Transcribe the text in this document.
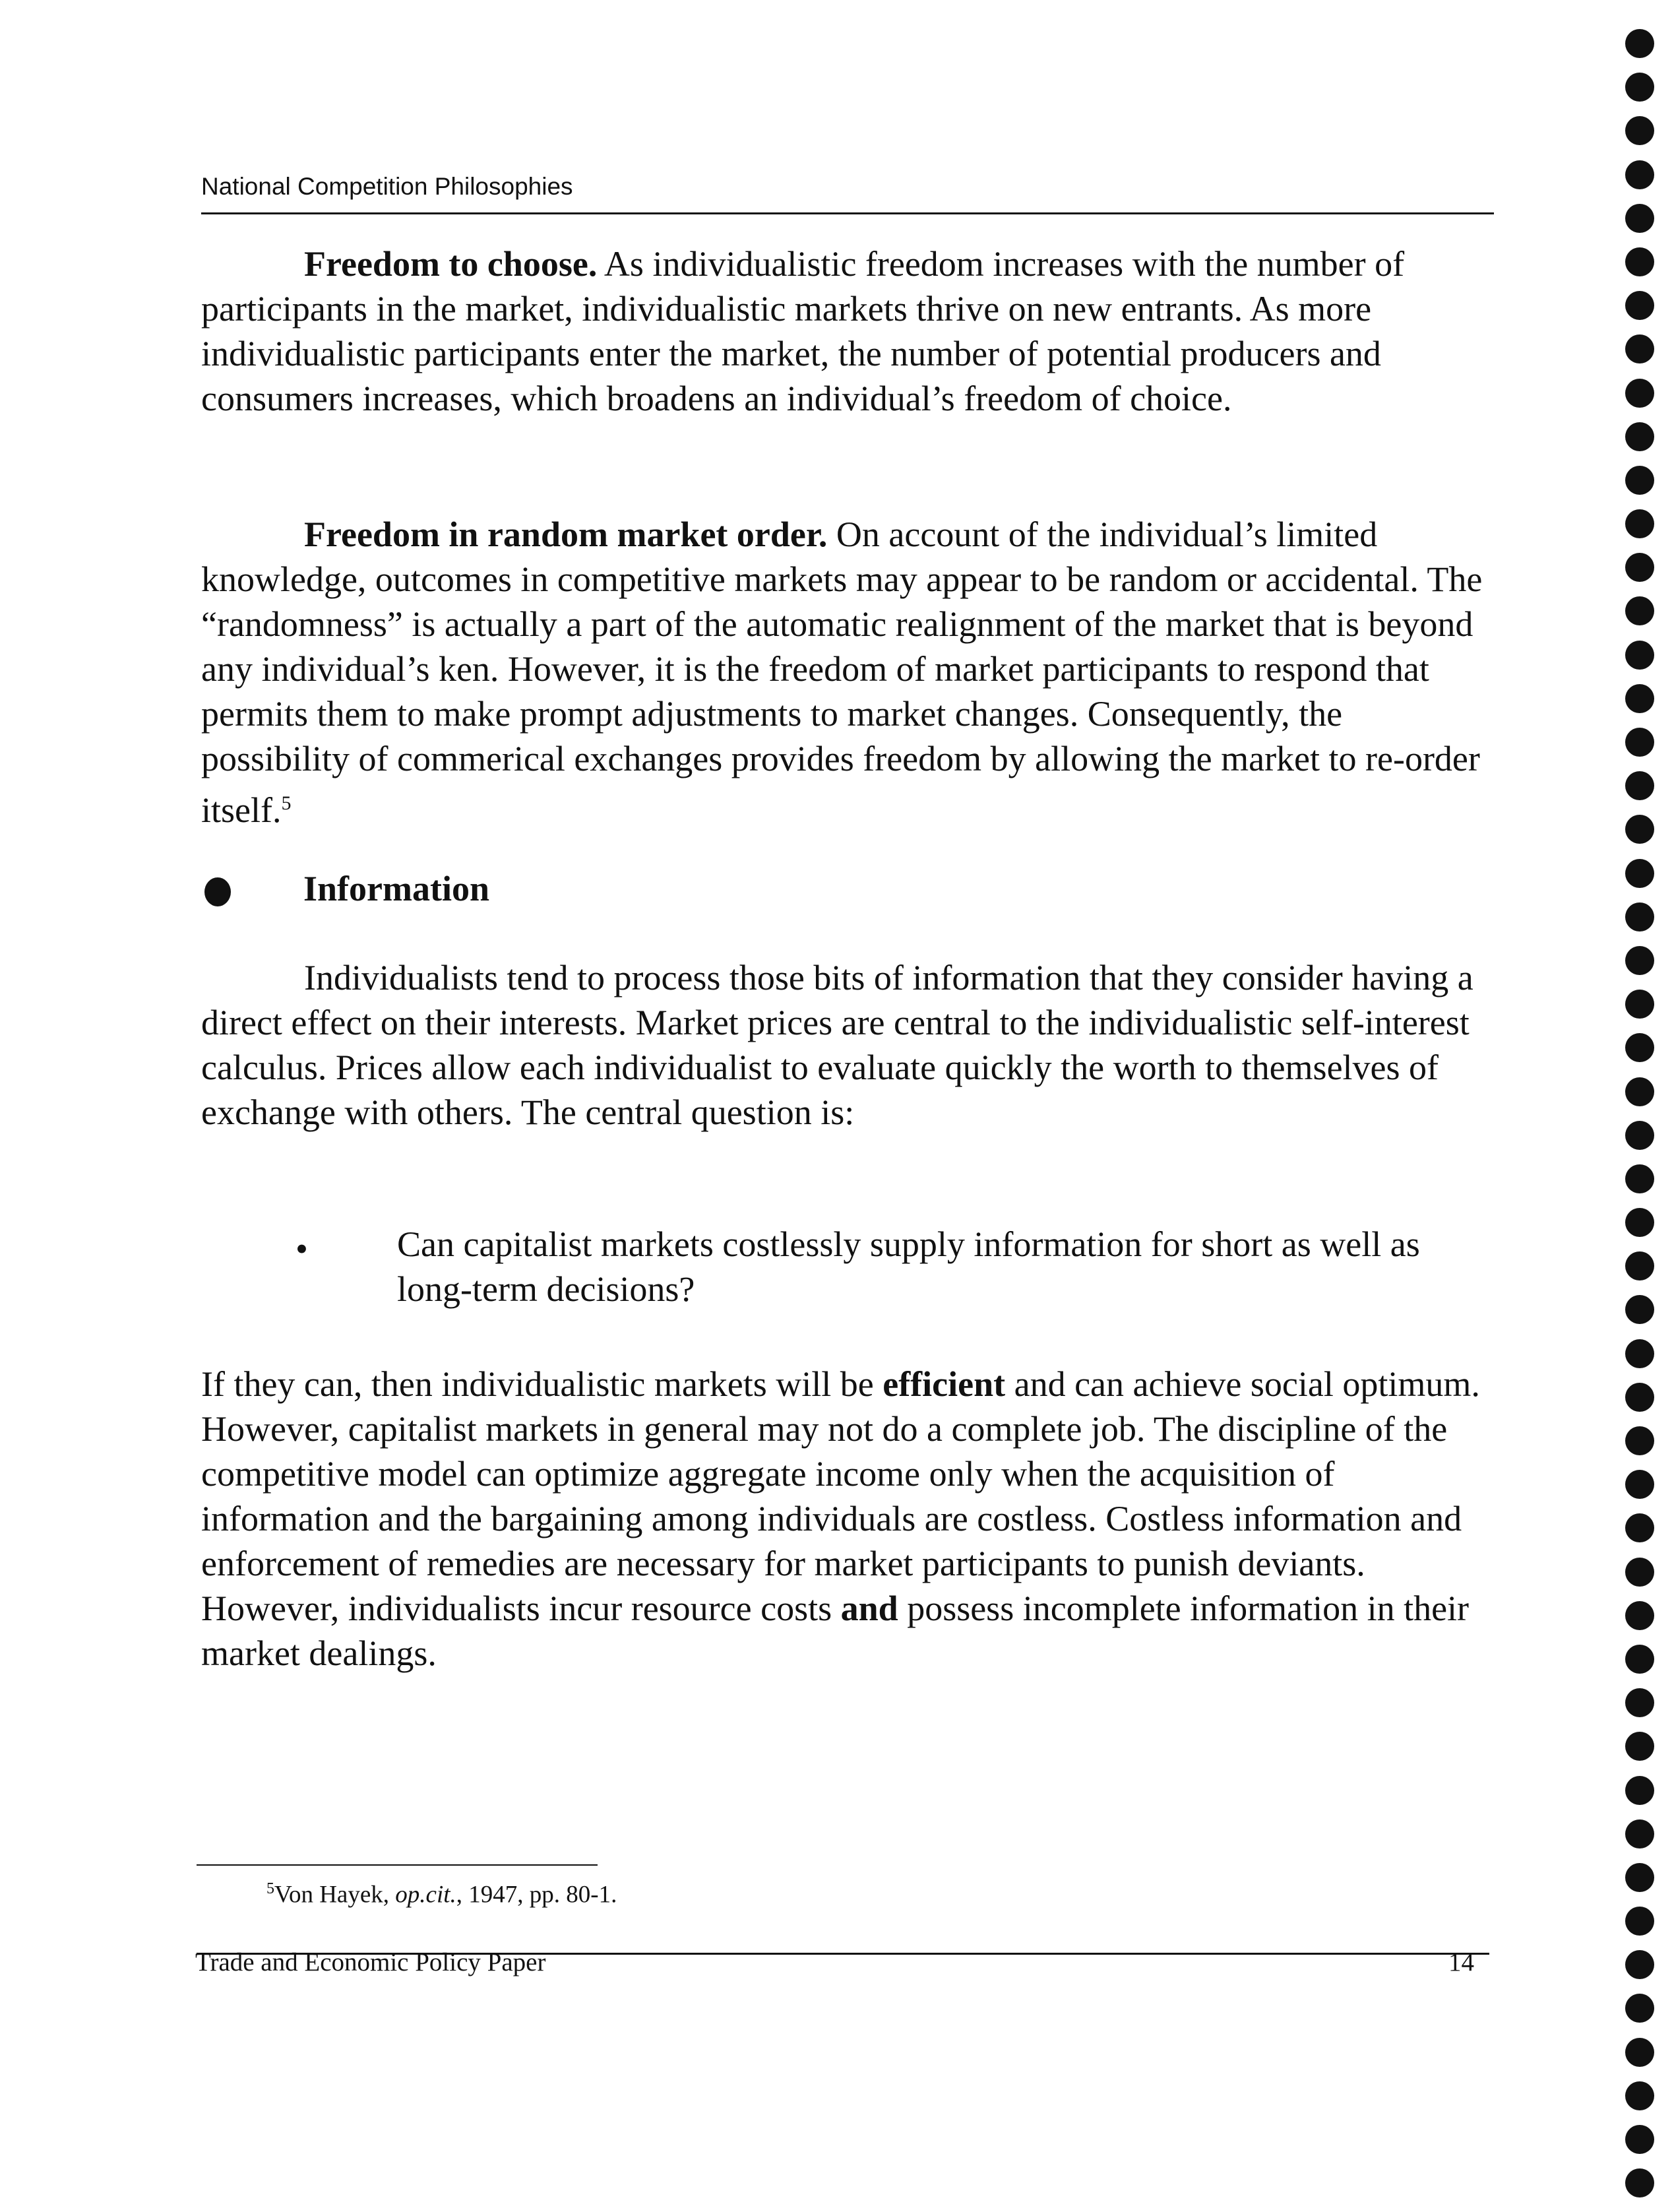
National Competition Philosophies
Freedom to choose. As individualistic freedom increases with the number of participants in the market, individualistic markets thrive on new entrants. As more individualistic participants enter the market, the number of potential producers and consumers increases, which broadens an individual’s freedom of choice.
Freedom in random market order. On account of the individual’s limited knowledge, outcomes in competitive markets may appear to be random or accidental. The “randomness” is actually a part of the automatic realignment of the market that is beyond any individual’s ken. However, it is the freedom of market participants to respond that permits them to make prompt adjustments to market changes. Consequently, the possibility of commerical exchanges provides freedom by allowing the market to re-order itself.$^5$
Information
Individualists tend to process those bits of information that they consider having a direct effect on their interests. Market prices are central to the individualistic self-interest calculus. Prices allow each individualist to evaluate quickly the worth to themselves of exchange with others. The central question is:
•	Can capitalist markets costlessly supply information for short as well as long-term decisions?
If they can, then individualistic markets will be efficient and can achieve social optimum. However, capitalist markets in general may not do a complete job. The discipline of the competitive model can optimize aggregate income only when the acquisition of information and the bargaining among individuals are costless. Costless information and enforcement of remedies are necessary for market participants to punish deviants. However, individualists incur resource costs and possess incomplete information in their market dealings.
$^5$Von Hayek, op.cit., 1947, pp. 80-1.
Trade and Economic Policy Paper	14
